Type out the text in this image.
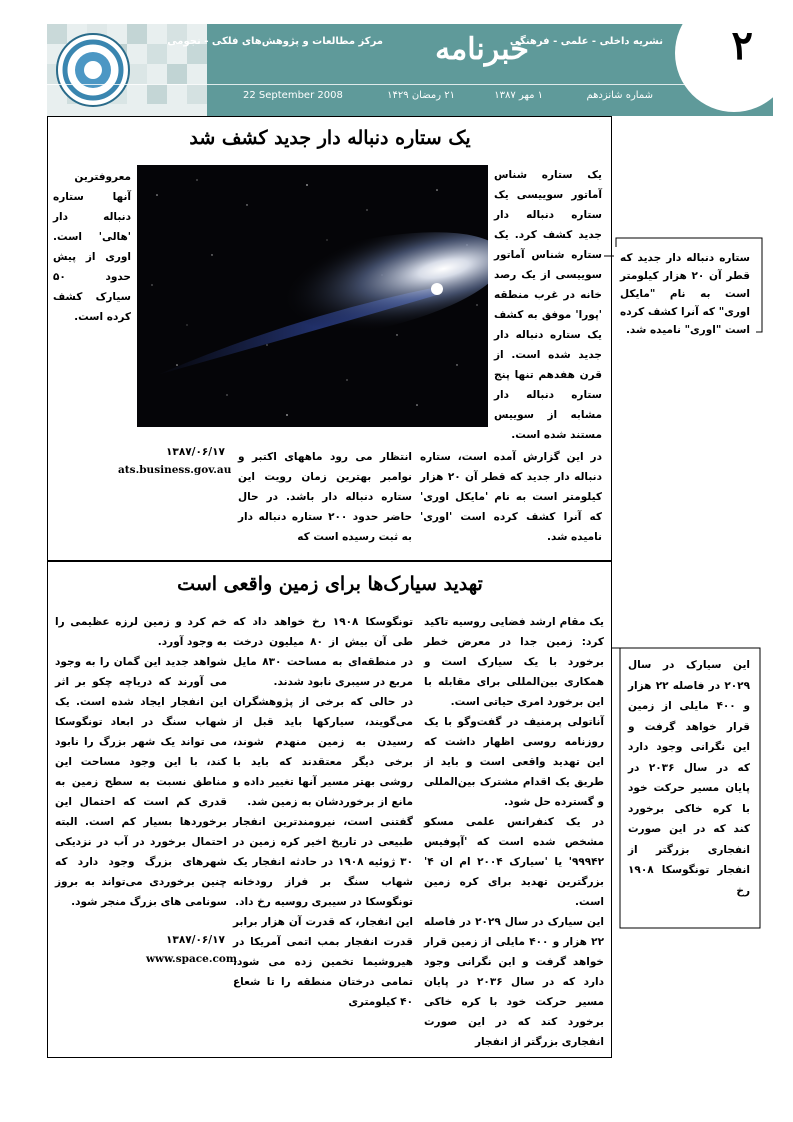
۲
نشریه داخلی - علمی - فرهنگی
مرکز مطالعات و پژوهش‌های فلکی - نجومی	خبرنامه
شماره شانزدهم
۱ مهر ۱۳۸۷
۲۱ رمضان ۱۴۲۹
22 September 2008
یک ستاره دنباله دار جدید کشف شد
یک ستاره شناس آماتور سوییسی یک ستاره دنباله دار جدید کشف کرد. یک ستاره شناس آماتور سوییسی از یک رصد خانه در غرب منطقه 'پورا' موفق به کشف یک ستاره دنباله دار جدید شده است. از قرن هفدهم تنها پنج ستاره دنباله دار مشابه از سوییس مستند شده است.
معروفترین آنها ستاره دنباله دار 'هالی' است. اوری از پیش حدود ۵۰ سیارک کشف کرده است.
در این گزارش آمده است، ستاره دنباله دار جدید که قطر آن ۲۰ هزار کیلومتر است به نام 'مایکل اوری' که آنرا کشف کرده است 'اوری' نامیده شد.
انتظار می رود ماههای اکتبر و نوامبر بهترین زمان رویت این ستاره دنباله دار باشد. در حال حاضر حدود ۲۰۰ ستاره دنباله دار به ثبت رسیده است که
۱۳۸۷/۰۶/۱۷
ats.business.gov.au
ستاره دنباله دار جدید که قطر آن ۲۰ هزار کیلومتر است به نام "مایکل اوری" که آنرا کشف کرده است "اوری" نامیده شد.
تهدید سیارک‌ها برای زمین واقعی است

یک مقام ارشد فضایی روسیه تاکید کرد: زمین جدا در معرض خطر برخورد با یک سیارک است و همکاری بین‌المللی برای مقابله با این برخورد امری حیاتی است.

آناتولی پرمنیف در گفت‌وگو با یک روزنامه روسی اظهار داشت که این تهدید واقعی است و باید از طریق یک اقدام مشترک بین‌المللی و گسترده حل شود.

در یک کنفرانس علمی مسکو مشخص شده است که 'آپوفیس ۹۹۹۴۲' یا 'سیارک ۲۰۰۴ ام ان ۴' بزرگترین تهدید برای کره زمین است.

این سیارک در سال ۲۰۲۹ در فاصله ۲۲ هزار و ۴۰۰ مایلی از زمین قرار خواهد گرفت و این نگرانی وجود دارد که در سال ۲۰۳۶ در پایان مسیر حرکت خود با کره خاکی برخورد کند که در این صورت انفجاری بزرگتر از انفجار

تونگوسکا ۱۹۰۸ رخ خواهد داد که طی آن بیش از ۸۰ میلیون درخت در منطقه‌ای به مساحت ۸۳۰ مایل مربع در سیبری نابود شدند.

در حالی که برخی از پژوهشگران می‌گویند، سیارکها باید قبل از رسیدن به زمین منهدم شوند، برخی دیگر معتقدند که باید با روشی بهتر مسیر آنها تغییر داده و مانع از برخوردشان به زمین شد.

گفتنی است، نیرومندترین انفجار طبیعی در تاریخ اخیر کره زمین در ۳۰ ژوئیه ۱۹۰۸ در حادثه انفجار یک شهاب سنگ بر فراز رودخانه تونگوسکا در سیبری روسیه رخ داد.

این انفجار، که قدرت آن هزار برابر قدرت انفجار بمب اتمی آمریکا در هیروشیما تخمین زده می شود، تمامی درختان منطقه را تا شعاع ۴۰ کیلومتری

خم کرد و زمین لرزه عظیمی را به وجود آورد.

شواهد جدید این گمان را به وجود می آورند که دریاچه چکو بر اثر این انفجار ایجاد شده است. یک شهاب سنگ در ابعاد تونگوسکا می تواند یک شهر بزرگ را نابود کند، با این وجود مساحت این مناطق نسبت به سطح زمین به قدری کم است که احتمال این برخوردها بسیار کم است. البته احتمال برخورد در آب در نزدیکی شهرهای بزرگ وجود دارد که چنین برخوردی می‌تواند به بروز سونامی های بزرگ منجر شود.

۱۳۸۷/۰۶/۱۷
www.space.com
این سیارک در سال ۲۰۲۹ در فاصله ۲۲ هزار و ۴۰۰ مایلی از زمین قرار خواهد گرفت و این نگرانی وجود دارد که در سال ۲۰۳۶ در پایان مسیر حرکت خود با کره خاکی برخورد کند که در این صورت انفجاری بزرگتر از انفجار تونگوسکا ۱۹۰۸ رخ
